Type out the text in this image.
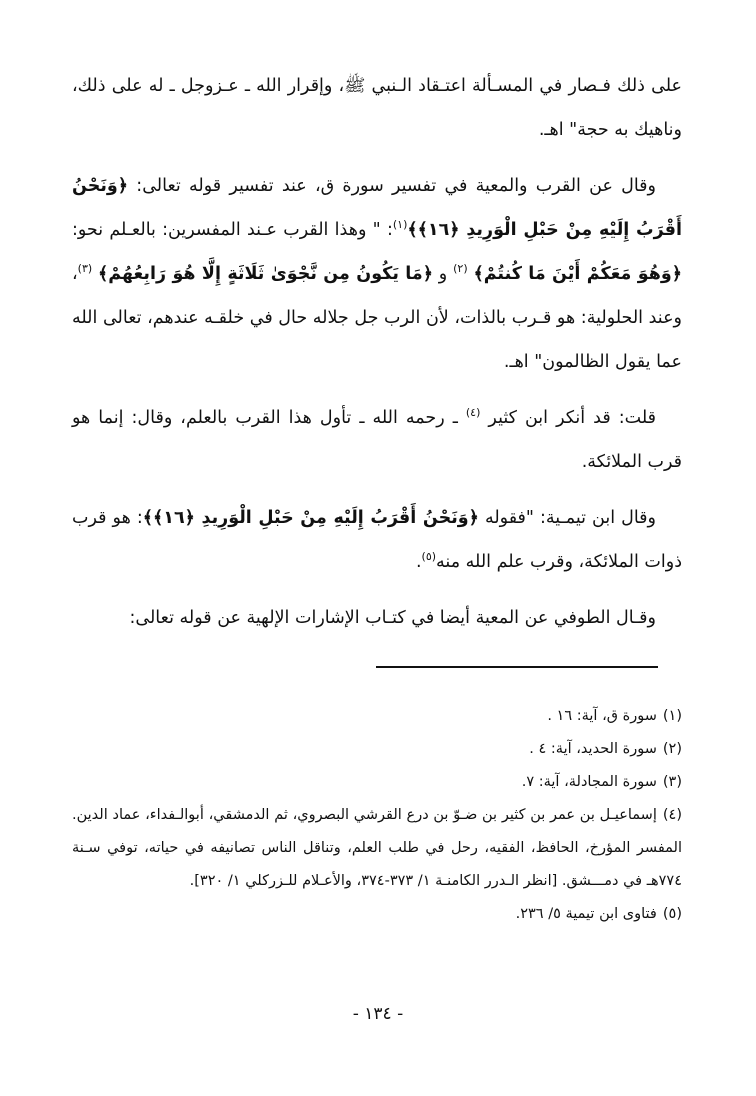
على ذلك فـصار في المسـألة اعتـقاد الـنبي ﷺ، وإقرار الله ـ عـزوجل ـ له على ذلك، وناهيك به حجة" اهـ.

وقال عن القرب والمعية في تفسير سورة ق، عند تفسير قوله تعالى: ﴿وَنَحْنُ أَقْرَبُ إِلَيْهِ مِنْ حَبْلِ الْوَرِيدِ ﴿١٦﴾﴾$^{(١)}$: " وهذا القرب عـند المفسرين: بالعـلم نحو: ﴿وَهُوَ مَعَكُمْ أَيْنَ مَا كُنتُمْ﴾ $^{(٢)}$ و ﴿مَا يَكُونُ مِن نَّجْوَىٰ ثَلَاثَةٍ إِلَّا هُوَ رَابِعُهُمْ﴾ $^{(٣)}$، وعند الحلولية: هو قـرب بالذات، لأن الرب جل جلاله حال في خلقـه عندهم، تعالى الله عما يقول الظالمون" اهـ.

قلت: قد أنكر ابن كثير $^{(٤)}$ ـ رحمه الله ـ تأول هذا القرب بالعلم، وقال: إنما هو قرب الملائكة.

وقال ابن تيمـية: "فقوله ﴿وَنَحْنُ أَقْرَبُ إِلَيْهِ مِنْ حَبْلِ الْوَرِيدِ ﴿١٦﴾﴾: هو قرب ذوات الملائكة، وقرب علم الله منه$^{(٥)}$.

وقـال الطوفي عن المعية أيضا في كتـاب الإشارات الإلهية عن قوله تعالى:

(١)سورة ق، آية: ١٦ .

(٢)سورة الحديد، آية: ٤ .

(٣)سورة المجادلة، آية: ٧.

(٤)إسماعيـل بن عمر بن كثير بن ضـوّ بن درع القرشي البصروي، ثم الدمشقي، أبوالـفداء، عماد الدين. المفسر المؤرخ، الحافظ، الفقيه، رحل في طلب العلم، وتناقل الناس تصانيفه في حياته، توفي سـنة ٧٧٤هـ في دمـــشق. [انظر الـدرر الكامنـة ١/ ٣٧٣-٣٧٤، والأعـلام للـزركلي ١/ ٣٢٠].

(٥)فتاوى ابن تيمية ٥/ ٢٣٦.

- ١٣٤ -
